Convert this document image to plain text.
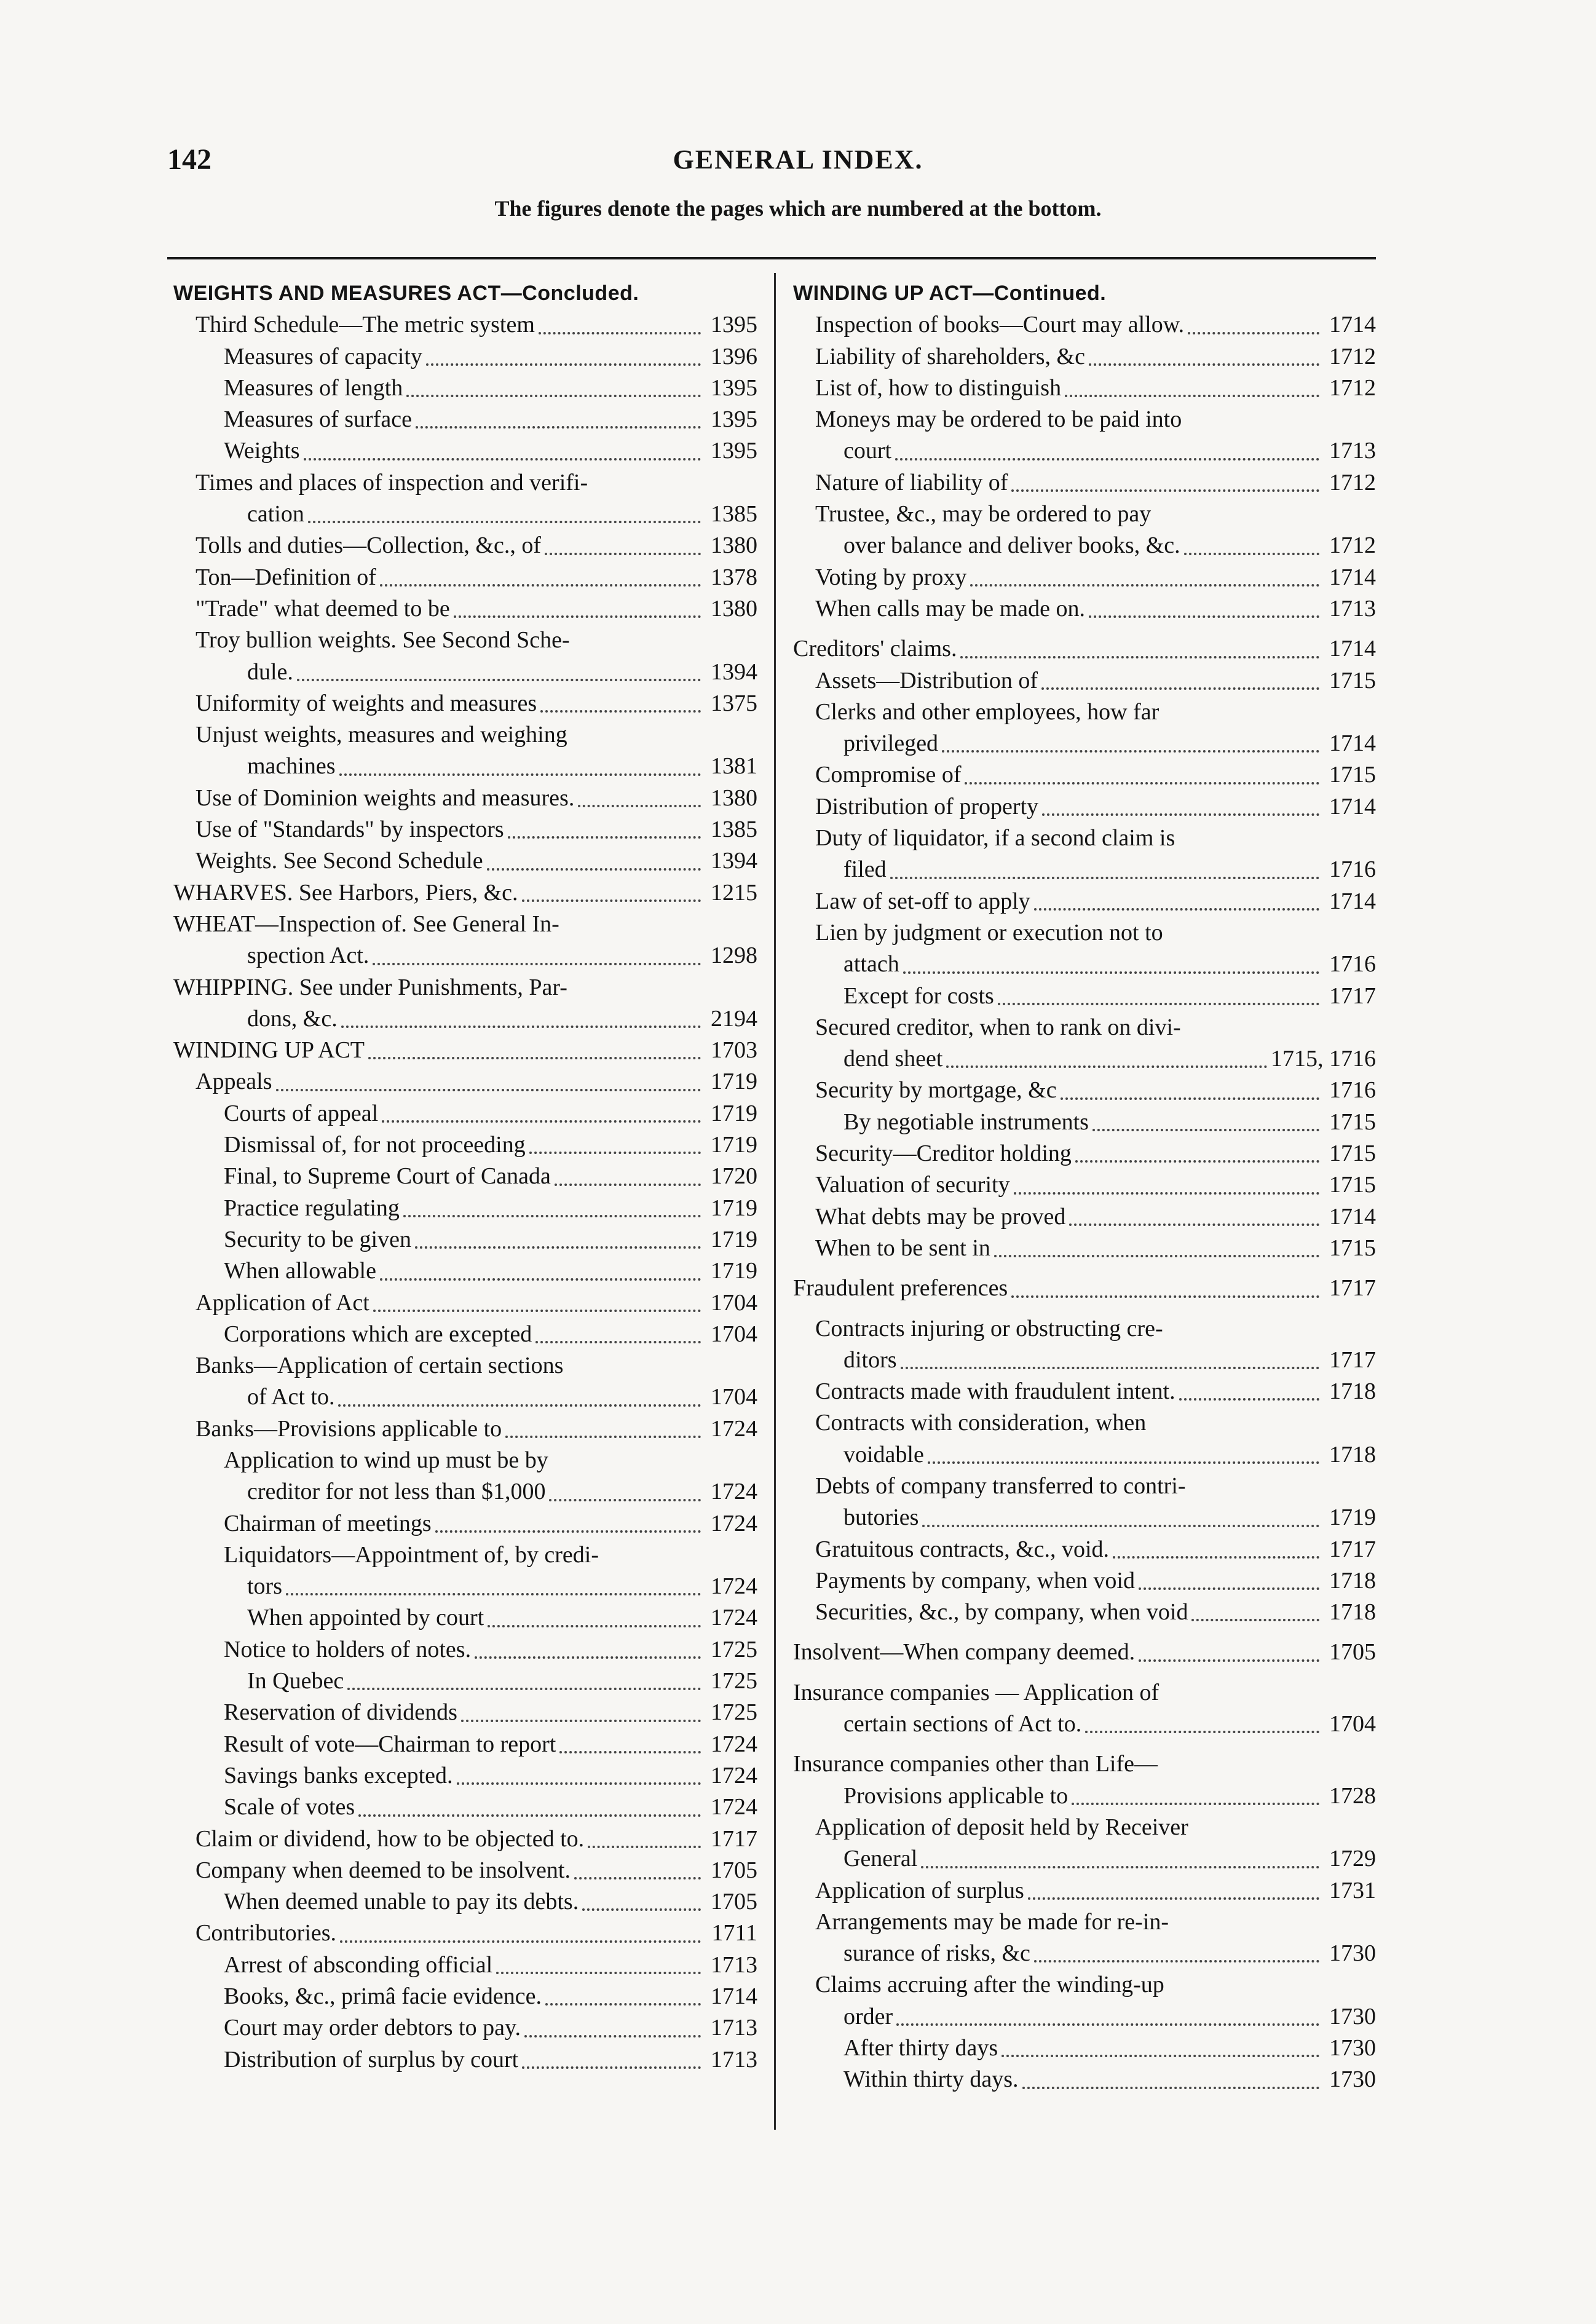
142	GENERAL INDEX.
The figures denote the pages which are numbered at the bottom.
WEIGHTS AND MEASURES ACT—Concluded.
Third Schedule—The metric system	1395
Measures of capacity	1396
Measures of length	1395
Measures of surface	1395
Weights	1395
Times and places of inspection and verifi-
cation	1385
Tolls and duties—Collection, &c., of	1380
Ton—Definition of	1378
"Trade" what deemed to be	1380
Troy bullion weights. See Second Sche-
dule.	1394
Uniformity of weights and measures	1375
Unjust weights, measures and weighing
machines	1381
Use of Dominion weights and measures.	1380
Use of "Standards" by inspectors	1385
Weights. See Second Schedule	1394
WHARVES. See Harbors, Piers, &c.	1215
WHEAT—Inspection of. See General In-
spection Act.	1298
WHIPPING. See under Punishments, Par-
dons, &c.	2194
WINDING UP ACT	1703
Appeals	1719
Courts of appeal	1719
Dismissal of, for not proceeding	1719
Final, to Supreme Court of Canada	1720
Practice regulating	1719
Security to be given	1719
When allowable	1719
Application of Act	1704
Corporations which are excepted	1704
Banks—Application of certain sections
of Act to.	1704
Banks—Provisions applicable to	1724
Application to wind up must be by
creditor for not less than $1,000	1724
Chairman of meetings	1724
Liquidators—Appointment of, by credi-
tors	1724
When appointed by court	1724
Notice to holders of notes.	1725
In Quebec	1725
Reservation of dividends	1725
Result of vote—Chairman to report	1724
Savings banks excepted.	1724
Scale of votes	1724
Claim or dividend, how to be objected to.	1717
Company when deemed to be insolvent.	1705
When deemed unable to pay its debts.	1705
Contributories.	1711
Arrest of absconding official	1713
Books, &c., primâ facie evidence.	1714
Court may order debtors to pay.	1713
Distribution of surplus by court	1713
WINDING UP ACT—Continued.
Inspection of books—Court may allow.	1714
Liability of shareholders, &c	1712
List of, how to distinguish	1712
Moneys may be ordered to be paid into
court	1713
Nature of liability of	1712
Trustee, &c., may be ordered to pay
over balance and deliver books, &c.	1712
Voting by proxy	1714
When calls may be made on.	1713
Creditors' claims.	1714
Assets—Distribution of	1715
Clerks and other employees, how far
privileged	1714
Compromise of	1715
Distribution of property	1714
Duty of liquidator, if a second claim is
filed	1716
Law of set-off to apply	1714
Lien by judgment or execution not to
attach	1716
Except for costs	1717
Secured creditor, when to rank on divi-
dend sheet	1715, 1716
Security by mortgage, &c	1716
By negotiable instruments	1715
Security—Creditor holding	1715
Valuation of security	1715
What debts may be proved	1714
When to be sent in	1715
Fraudulent preferences	1717
Contracts injuring or obstructing cre-
ditors	1717
Contracts made with fraudulent intent.	1718
Contracts with consideration, when
voidable	1718
Debts of company transferred to contri-
butories	1719
Gratuitous contracts, &c., void.	1717
Payments by company, when void	1718
Securities, &c., by company, when void	1718
Insolvent—When company deemed.	1705
Insurance companies — Application of
certain sections of Act to.	1704
Insurance companies other than Life—
Provisions applicable to	1728
Application of deposit held by Receiver
General	1729
Application of surplus	1731
Arrangements may be made for re-in-
surance of risks, &c	1730
Claims accruing after the winding-up
order	1730
After thirty days	1730
Within thirty days.	1730
